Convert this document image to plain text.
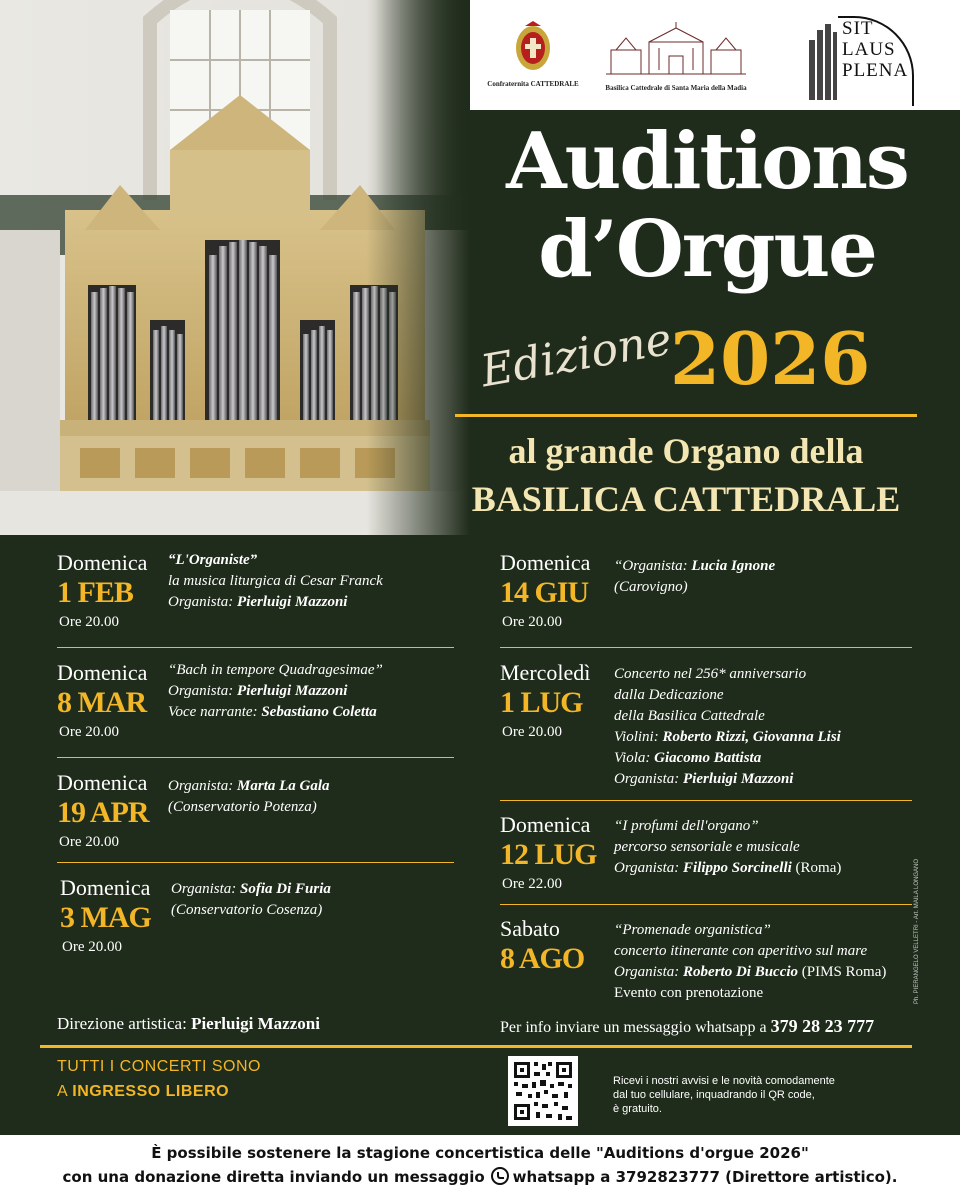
Confraternita CATTEDRALE	Basilica Cattedrale di Santa Maria della Madia
SIT
LAUS
PLENA
Auditions
d’Orgue
Edizione
2026
al grande Organo della
BASILICA CATTEDRALE
Domenica
1 FEB
Ore 20.00
“L'Organiste”
la musica liturgica di Cesar Franck
Organista: Pierluigi Mazzoni
Domenica
8 MAR
Ore 20.00
“Bach in tempore Quadragesimae”
Organista: Pierluigi Mazzoni
Voce narrante: Sebastiano Coletta
Domenica
19 APR
Ore 20.00
Organista: Marta La Gala
(Conservatorio Potenza)
Domenica
3 MAG
Ore 20.00
Organista: Sofia Di Furia
(Conservatorio Cosenza)
Domenica
14 GIU
Ore 20.00
“Organista: Lucia Ignone
(Carovigno)
Mercoledì
1 LUG
Ore 20.00
Concerto nel 256* anniversario
dalla Dedicazione
della Basilica Cattedrale
Violini: Roberto Rizzi, Giovanna Lisi
Viola: Giacomo Battista
Organista: Pierluigi Mazzoni
Domenica
12 LUG
Ore 22.00
“I profumi dell'organo”
percorso sensoriale e musicale
Organista: Filippo Sorcinelli (Roma)
Sabato
8 AGO
“Promenade organistica”
concerto itinerante con aperitivo sul mare
Organista: Roberto Di Buccio (PIMS Roma)
Evento con prenotazione
Direzione artistica: Pierluigi Mazzoni	Per info inviare un messaggio whatsapp a 379 28 23 777
TUTTI I CONCERTI SONO
A INGRESSO LIBERO
Ricevi i nostri avvisi e le novità comodamente
dal tuo cellulare, inquadrando il QR code,
è gratuito.
Ph. PIERANGELO VELLETRI - Art. MAILA LONGANO
È possibile sostenere la stagione concertistica delle "Auditions d'orgue 2026"
con una donazione diretta inviando un messaggio whatsapp a 3792823777 (Direttore artistico).
